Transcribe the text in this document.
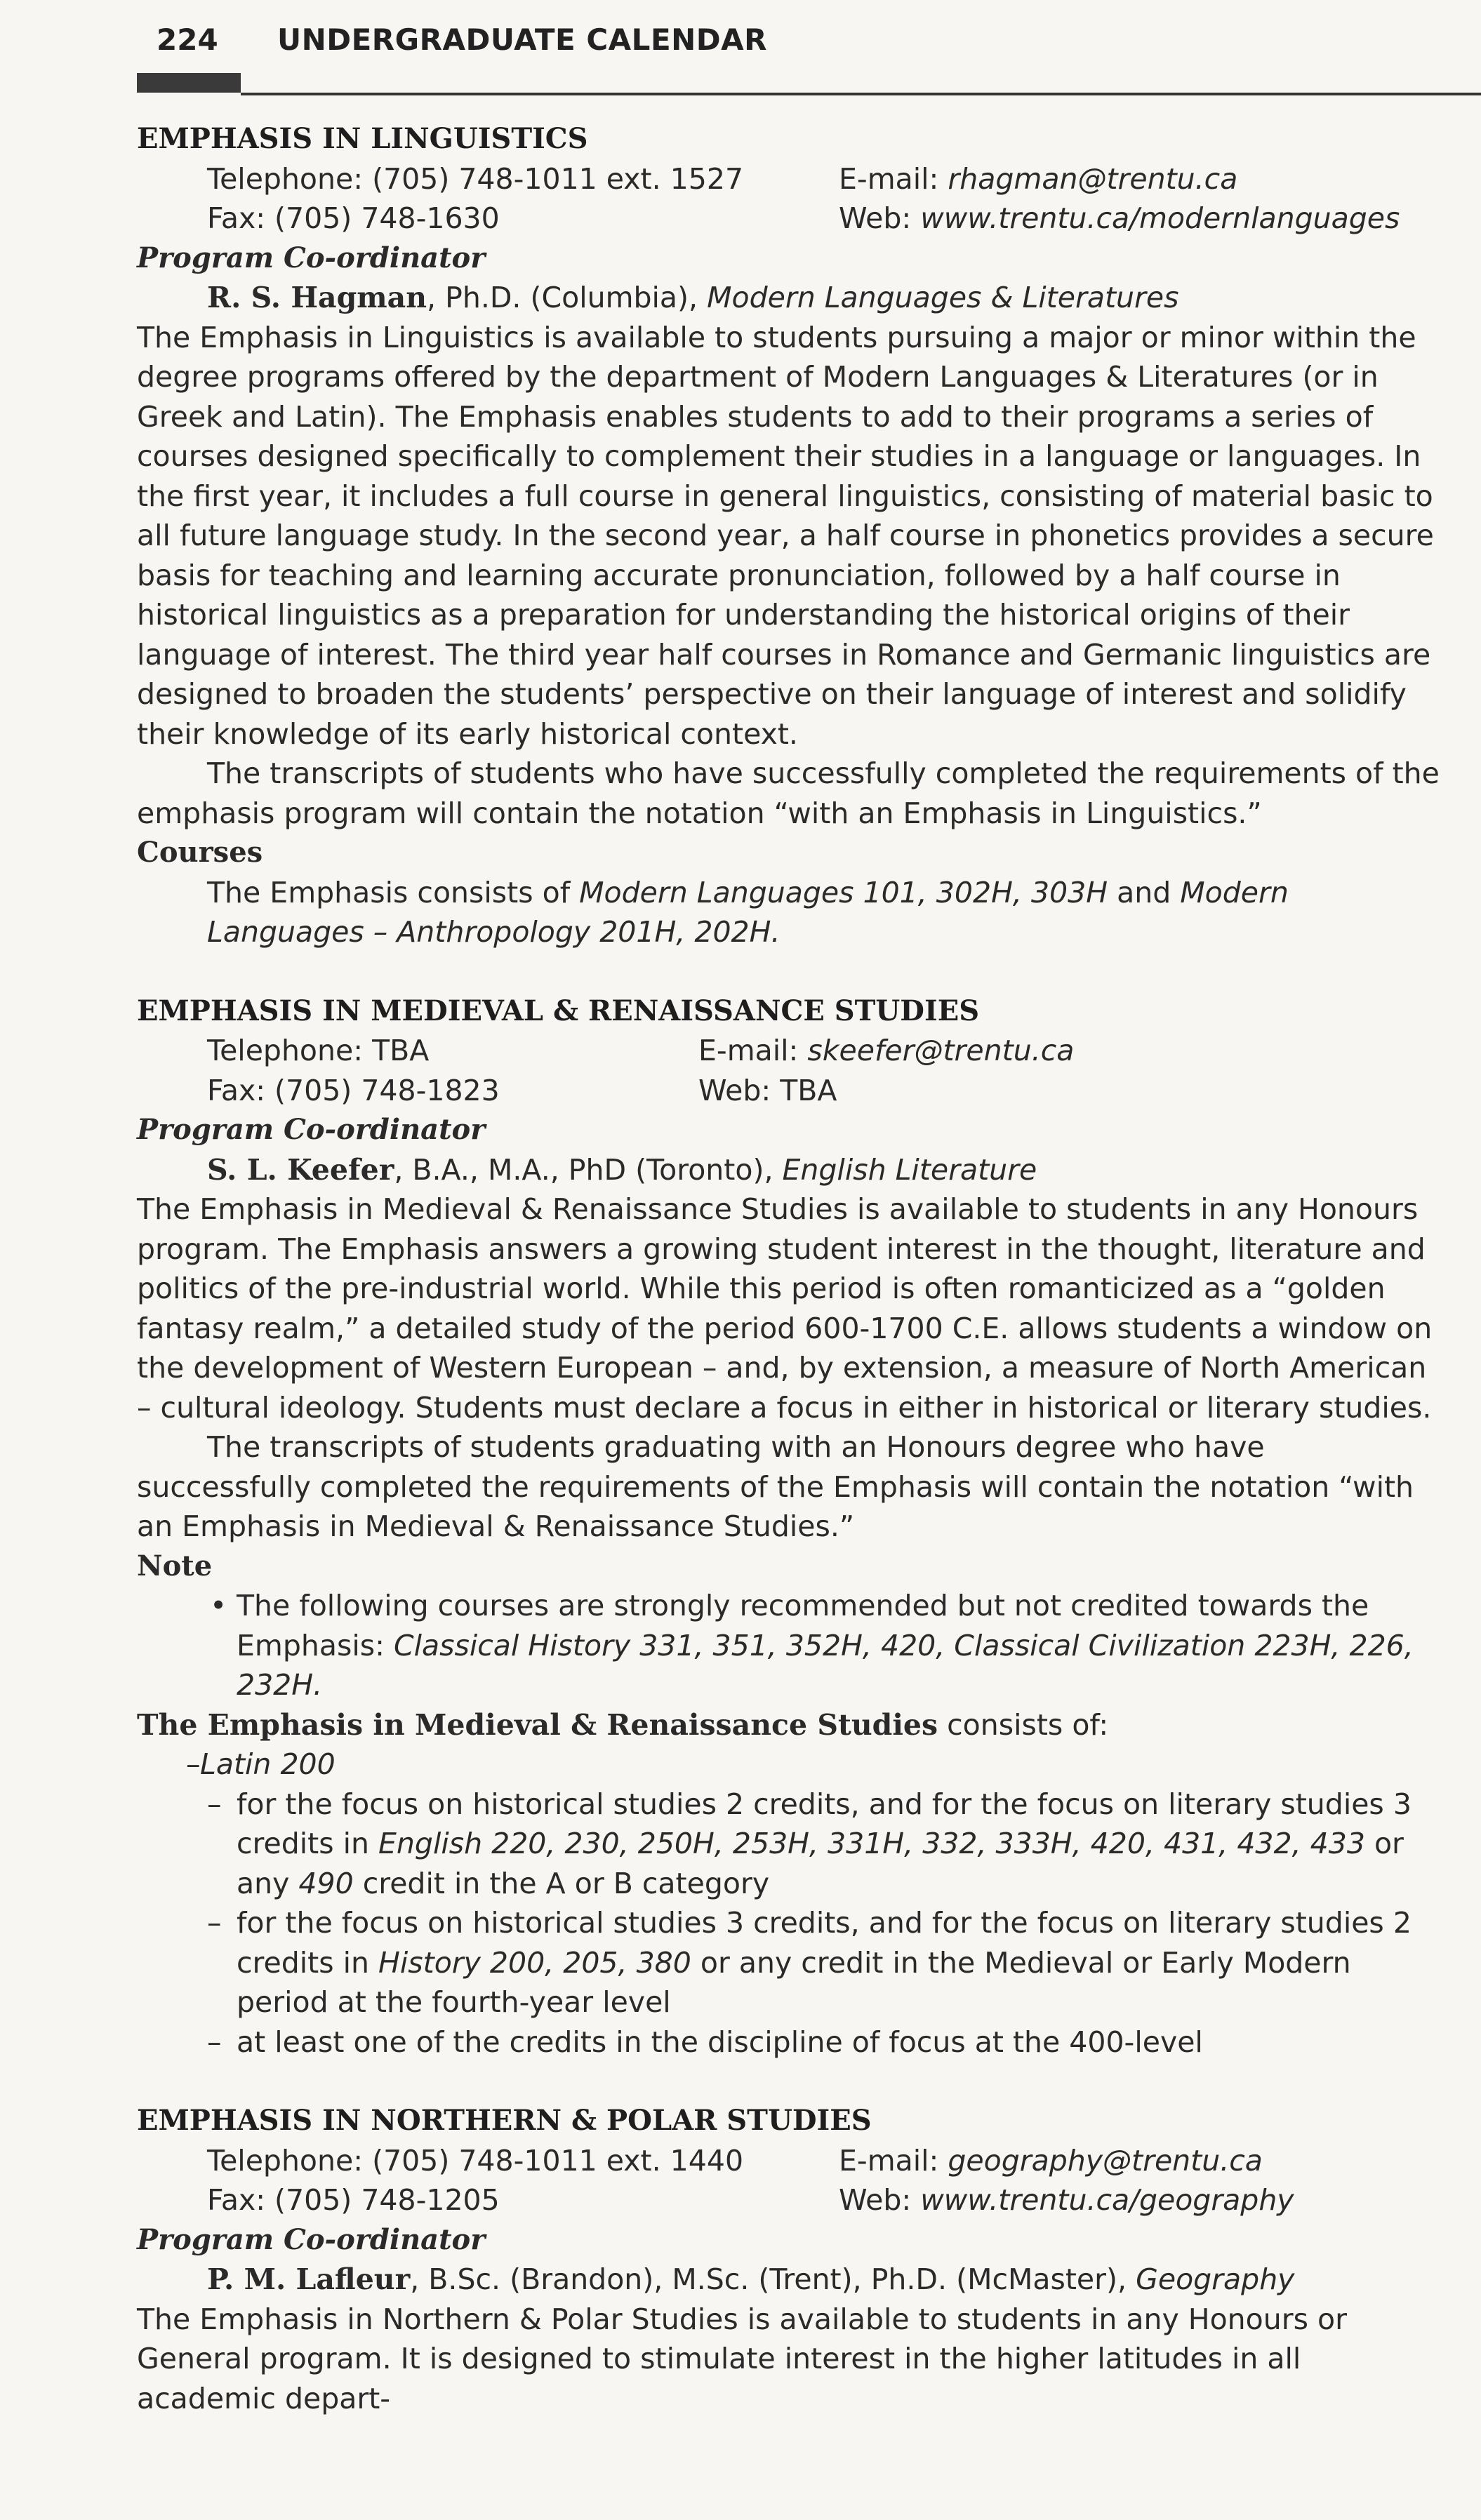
224 UNDERGRADUATE CALENDAR
EMPHASIS IN LINGUISTICS
Telephone: (705) 748-1011 ext. 1527	E-mail: rhagman@trentu.ca
Fax: (705) 748-1630	Web: www.trentu.ca/modernlanguages
Program Co-ordinator
R. S. Hagman, Ph.D. (Columbia), Modern Languages & Literatures

The Emphasis in Linguistics is available to students pursuing a major or minor within the degree programs offered by the department of Modern Languages & Literatures (or in Greek and Latin). The Emphasis enables students to add to their programs a series of courses designed specifically to complement their studies in a language or languages. In the first year, it includes a full course in general linguistics, consisting of material basic to all future language study. In the second year, a half course in phonetics provides a secure basis for teaching and learning accurate pronunciation, followed by a half course in historical linguistics as a preparation for understanding the historical origins of their language of interest. The third year half courses in Romance and Germanic linguistics are designed to broaden the students’ perspective on their language of interest and solidify their knowledge of its early historical context.

The transcripts of students who have successfully completed the requirements of the emphasis program will contain the notation “with an Emphasis in Linguistics.”

Courses
The Emphasis consists of Modern Languages 101, 302H, 303H and Modern Languages – Anthropology 201H, 202H.
EMPHASIS IN MEDIEVAL & RENAISSANCE STUDIES
Telephone: TBA	E-mail: skeefer@trentu.ca
Fax: (705) 748-1823	Web: TBA
Program Co-ordinator
S. L. Keefer, B.A., M.A., PhD (Toronto), English Literature

The Emphasis in Medieval & Renaissance Studies is available to students in any Honours program. The Emphasis answers a growing student interest in the thought, literature and politics of the pre-industrial world. While this period is often romanticized as a “golden fantasy realm,” a detailed study of the period 600-1700 C.E. allows students a window on the development of Western European – and, by extension, a measure of North American – cultural ideology. Students must declare a focus in either in historical or literary studies.

The transcripts of students graduating with an Honours degree who have successfully completed the requirements of the Emphasis will contain the notation “with an Emphasis in Medieval & Renaissance Studies.”

Note
• The following courses are strongly recommended but not credited towards the Emphasis: Classical History 331, 351, 352H, 420, Classical Civilization 223H, 226, 232H.
The Emphasis in Medieval & Renaissance Studies consists of:
– Latin 200
– for the focus on historical studies 2 credits, and for the focus on literary studies 3 credits in English 220, 230, 250H, 253H, 331H, 332, 333H, 420, 431, 432, 433 or any 490 credit in the A or B category
– for the focus on historical studies 3 credits, and for the focus on literary studies 2 credits in History 200, 205, 380 or any credit in the Medieval or Early Modern period at the fourth-year level
– at least one of the credits in the discipline of focus at the 400-level
EMPHASIS IN NORTHERN & POLAR STUDIES
Telephone: (705) 748-1011 ext. 1440	E-mail: geography@trentu.ca
Fax: (705) 748-1205	Web: www.trentu.ca/geography
Program Co-ordinator
P. M. Lafleur, B.Sc. (Brandon), M.Sc. (Trent), Ph.D. (McMaster), Geography

The Emphasis in Northern & Polar Studies is available to students in any Honours or General program. It is designed to stimulate interest in the higher latitudes in all academic depart-
